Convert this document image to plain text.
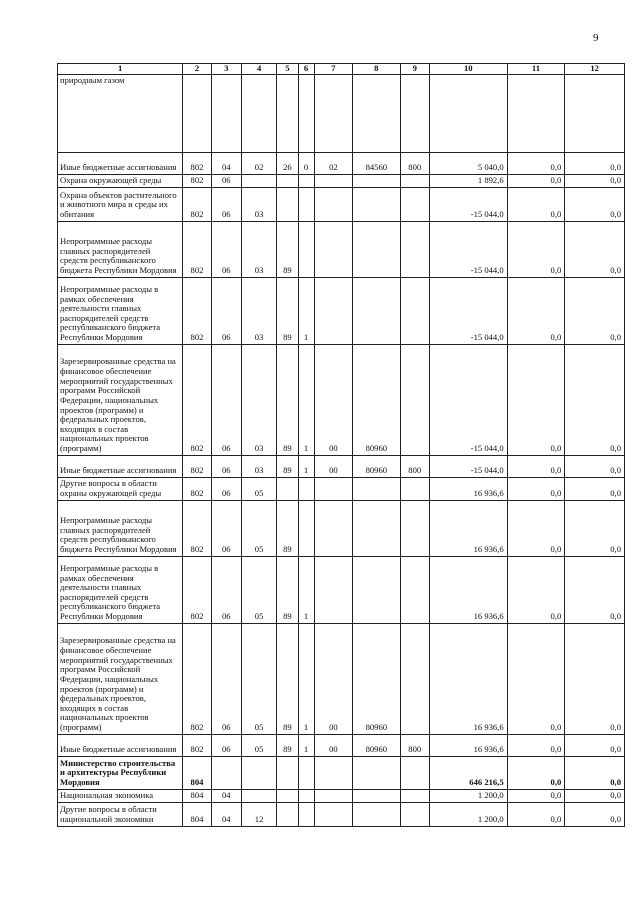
9
1	2	3	4	5	6	7	8	9	10	11	12
природным газом											
Иные бюджетные ассигнования	802	04	02	26	0	02	84560	800	5 040,0	0,0	0,0
Охрана окружающей среды	802	06							1 892,6	0,0	0,0
Охрана объектов растительного и животного мира и среды их обитания	802	06	03						-15 044,0	0,0	0,0
Непрограммные расходы главных распорядителей средств республиканского бюджета Республики Мордовия	802	06	03	89					-15 044,0	0,0	0,0
Непрограммные расходы в рамках обеспечения деятельности главных распорядителей средств республиканского бюджета Республики Мордовия	802	06	03	89	1				-15 044,0	0,0	0,0
Зарезервированные средства на финансовое обеспечение мероприятий государственных программ Российской Федерации, национальных проектов (программ) и федеральных проектов, входящих в состав национальных проектов (программ)	802	06	03	89	1	00	80960		-15 044,0	0,0	0,0
Иные бюджетные ассигнования	802	06	03	89	1	00	80960	800	-15 044,0	0,0	0,0
Другие вопросы в области охраны окружающей среды	802	06	05						16 936,6	0,0	0,0
Непрограммные расходы главных распорядителей средств республиканского бюджета Республики Мордовия	802	06	05	89					16 936,6	0,0	0,0
Непрограммные расходы в рамках обеспечения деятельности главных распорядителей средств республиканского бюджета Республики Мордовия	802	06	05	89	1				16 936,6	0,0	0,0
Зарезервированные средства на финансовое обеспечение мероприятий государственных программ Российской Федерации, национальных проектов (программ) и федеральных проектов, входящих в состав национальных проектов (программ)	802	06	05	89	1	00	80960		16 936,6	0,0	0,0
Иные бюджетные ассигнования	802	06	05	89	1	00	80960	800	16 936,6	0,0	0,0
Министерство строительства и архитектуры Республики Мордовия	804								646 216,5	0,0	0,0
Национальная экономика	804	04							1 200,0	0,0	0,0
Другие вопросы в области национальной экономики	804	04	12						1 200,0	0,0	0,0
